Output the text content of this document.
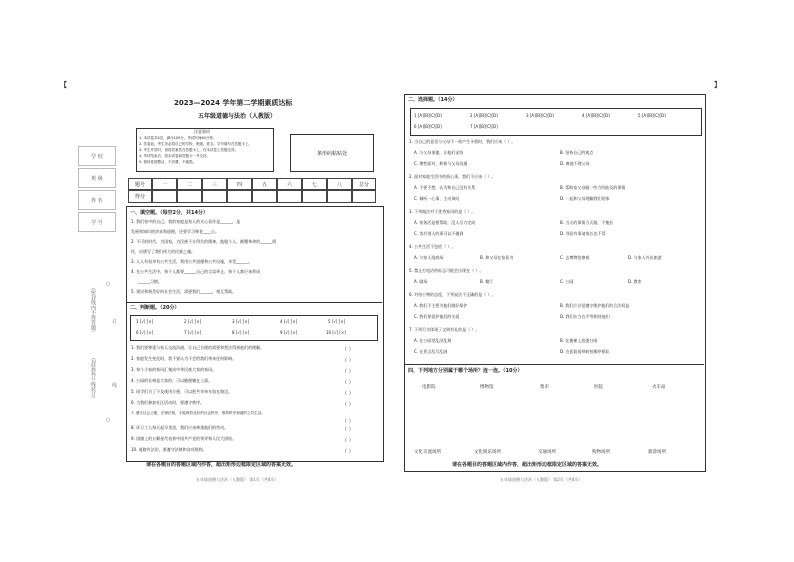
【	】
学 校
班 级
姓 名
学 号
（密封线内不得答题）
（封装装订 线装订）
○
订
线
○
2023—2024 学年第二学期素质达标
五年级道德与法治（人教版）
注意事项
1. 本试卷共4页，满分100分，考试时间60分钟。
2. 答卷前，考生务必将自己的学校、班级、姓名、学号填写在答题卡上。
3. 考生作答时，请将答案答在答题卡上，在本试卷上答题无效。
4. 考试结束后，将本试卷和答题卡一并交回。
5. 保持卷面整洁，不折叠、不破损。
条形码粘贴处
题号	一	二	三	四	五	六	七	八	总分
得分
一、填空题。（每空2分，共14分）
1. 我们家中的自己，我的家庭是家人的关心看作是______，是
发展和知识的讲求和道理，还要学习尊老____心。
2. 不可的时代，为国家，为民族不计得失的精神，他粗个人，颠覆革命的______情
怀，由谱写了我们伟大的民族之魂。
3. 人人有权享有公共生活，利用公共道德和公共设施，享受______。
4. 在公共生活中，每个人都要______自己的言谈举止，每个人都应该养成
______习惯。
5. 建设和谐美好的社会生活，需要我们______，相互帮助。
二、判断题。（20分）
1 [√] [×]	2 [√] [×]	3 [√] [×]	4 [√] [×]	5 [√] [×]
6 [√] [×]	7 [√] [×]	8 [√] [×]	9 [√] [×]	10 [√] [×]
1. 我们要尊重与家人交流沟通，让自己合理的需要和想法得到他们的理解。	（ ）
2. 家庭发生变化时，我不要认为不会给我们带来任何影响。	（ ）
3. 每个小家的家风汇集成中华民族大家的家风。	（ ）
4. 公园的长椅是大家的，可以随便躺在上面。	（ ）
5. 同学们为了不及使用方便，可以把共享单车放在路边。	（ ）
6. 当我们参加社区活动时，要遵守秩序。	（ ）
7. 遵守社会公德，法律法规，才能保持良好的社会秩序，维持秩序和谐的公共生活。
（ ）
8. 环卫工人每天起早贪黑，我们应该尊重他们的劳动。	（ ）
9. 国旗上的五颗星代表着中国共产党的领导和人民大团结。	（ ）
10. 道路有法治，要遵守法律和各项规则。	（ ）
请在各题目的答题区域内作答，超出矩形边框限定区域的答案无效。
五年级道德与法治（人教版） 第1页（共4页）
二、选择题。（14分）
1 [A][B][C][D]	2 [A][B][C][D]	3 [A][B][C][D]	4 [A][B][C][D]	5 [A][B][C][D]
6 [A][B][C][D]	7 [A][B][C][D]
1. 当自己的意见与父母不一致产生矛盾时，我们应该（ ）。
A. 与父母顶撞，让他们妥协	B. 坚持自己的观点
C. 理性面对，积极与父母沟通	D. 离他不理父母
2. 面对家庭生活中的烦心事，我们不应该（ ）。
A. 不要不想，认为和自己没有关系	B. 帮助家父母做一些力所能及的事情
C. 倾听一心事，主动询问	D. 一起和父母理解我们的家
3. 下列做法对于优秀家风的是（ ）。
A. 家务活是相帮助，没人尽力完成	B. 当天的事情当天做，不拖拉
C. 答应别人的事可以不做到	D. 邻居有事请家长也不帮
4. 公共生活不包括（ ）。
A. 与家人逛商场	B. 和父母在家看书	C. 去博物馆参观	D. 与家人外出旅游
5. 禁止打电话的标志可能会出现在（ ）。
A. 剧场	B. 餐厅	C. 公园	D. 教室
6. 对待公物的态度，下列说法不正确的是（ ）。
A. 我们不主要为他们做好保护	B. 我们应自觉遵守维护他们的合法权益
C. 我们要爱护他们的关爱	D. 我们应当在平等相待他们
7. 下列行为体现了文明有礼的是（ ）。
A. 在公园里乱涂乱刻	B. 在楼梯上追逐打闹
C. 在景点乱写乱画	D. 在医院看病时按顺序排队
四、下列地方分别属于哪个场所？连一连。（10分）
电影院	博物馆	集市	医院	火车站
文化交流场所	文化娱乐场所	交通场所	购物场所	就诊场所
请在各题目的答题区域内作答，超出矩形边框限定区域的答案无效。
五年级道德与法治（人教版） 第2页（共4页）
